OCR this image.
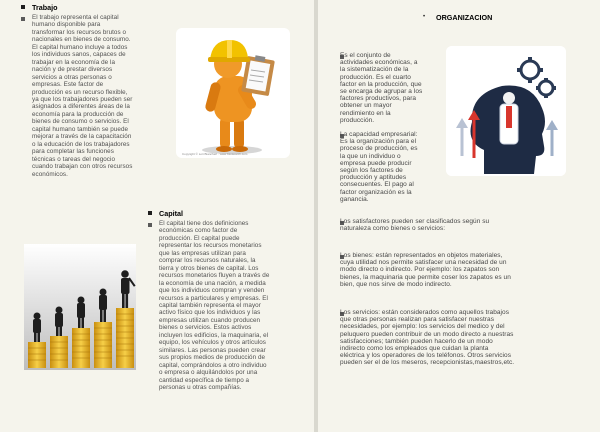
Trabajo
El trabajo representa el capital
humano disponible para
transformar los recursos brutos o
nacionales en bienes de consumo.
El capital humano incluye a todos
los individuos sanos, capaces de
trabajar en la economía de la
nación y de prestar diversos
servicios a otras personas o
empresas. Este factor de
producción es un recurso flexible,
ya que los trabajadores pueden ser
asignados a diferentes áreas de la
economía para la producción de
bienes de consumo o servicios. El
capital humano también se puede
mejorar a través de la capacitación
o la educación de los trabajadores
para completar las funciones
técnicas o tareas del negocio
cuando trabajan con otros recursos
económicos.
Copyright © Lori Biancheri · www.fotosearch.com
Capital
El capital tiene dos definiciones
económicas como factor de
producción. El capital puede
representar los recursos monetarios
que las empresas utilizan para
comprar los recursos naturales, la
tierra y otros bienes de capital. Los
recursos monetarios fluyen a través de
la economía de una nación, a medida
que los individuos compran y venden
recursos a particulares y empresas. El
capital también representa el mayor
activo físico que los individuos y las
empresas utilizan cuando producen
bienes o servicios. Estos activos
incluyen los edificios, la maquinaria, el
equipo, los vehículos y otros artículos
similares. Las personas pueden crear
sus propios medios de producción de
capital, comprándolos a otro individuo
o empresa o alquilándolos por una
cantidad específica de tiempo a
personas u otras compañías.
• ORGANIZACION
Es el conjunto de
actividades económicas, a
la sistematización de la
producción. Es el cuarto
factor en la producción, que
se encarga de agrupar a los
factores productivos, para
obtener un mayor
rendimiento en la
producción.
La capacidad empresarial:
Es la organización para el
proceso de producción, es
la que un individuo o
empresa puede producir
según los factores de
producción y aptitudes
consecuentes. El pago al
factor organización es la
ganancia.
Los satisfactores pueden ser clasificados según su
naturaleza como bienes o servicios:
Los bienes: están representados en objetos materiales,
cuya utilidad nos permite satisfacer una necesidad de un
modo directo o indirecto. Por ejemplo: los zapatos son
bienes, la maquinaria que permite coser los zapatos es un
bien, que nos sirve de modo indirecto.
Los servicios: están considerados como aquellos trabajos
que otras personas realizan para satisfacer nuestras
necesidades, por ejemplo: los servicios del medico y del
peluquero pueden contribuir de un modo directo a nuestras
satisfacciones; también pueden hacerlo de un modo
indirecto como los empleados que cuidan la planta
eléctrica y los operadores de los teléfonos. Otros servicios
pueden ser el de los meseros, recepcionistas,maestros,etc.
